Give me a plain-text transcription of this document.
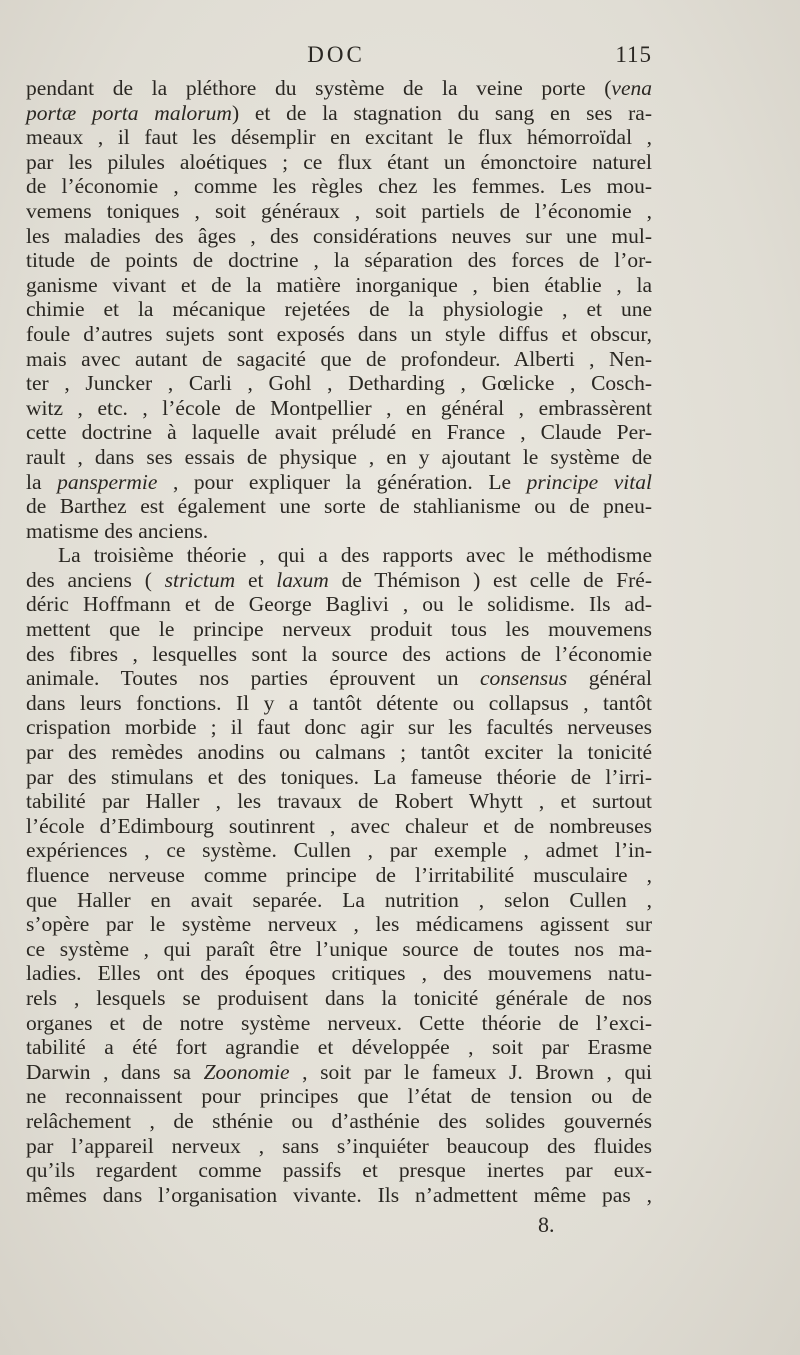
DOC	115
pendant de la pléthore du système de la veine porte (vena
portæ porta malorum) et de la stagnation du sang en ses ra-
meaux , il faut les désemplir en excitant le flux hémorroïdal ,
par les pilules aloétiques ; ce flux étant un émonctoire naturel
de l’économie , comme les règles chez les femmes. Les mou-
vemens toniques , soit généraux , soit partiels de l’économie ,
les maladies des âges , des considérations neuves sur une mul-
titude de points de doctrine , la séparation des forces de l’or-
ganisme vivant et de la matière inorganique , bien établie , la
chimie et la mécanique rejetées de la physiologie , et une
foule d’autres sujets sont exposés dans un style diffus et obscur,
mais avec autant de sagacité que de profondeur. Alberti , Nen-
ter , Juncker , Carli , Gohl , Detharding , Gœlicke , Cosch-
witz , etc. , l’école de Montpellier , en général , embrassèrent
cette doctrine à laquelle avait préludé en France , Claude Per-
rault , dans ses essais de physique , en y ajoutant le système de
la panspermie , pour expliquer la génération. Le principe vital
de Barthez est également une sorte de stahlianisme ou de pneu-
matisme des anciens.
La troisième théorie , qui a des rapports avec le méthodisme
des anciens ( strictum et laxum de Thémison ) est celle de Fré-
déric Hoffmann et de George Baglivi , ou le solidisme. Ils ad-
mettent que le principe nerveux produit tous les mouvemens
des fibres , lesquelles sont la source des actions de l’économie
animale. Toutes nos parties éprouvent un consensus général
dans leurs fonctions. Il y a tantôt détente ou collapsus , tantôt
crispation morbide ; il faut donc agir sur les facultés nerveuses
par des remèdes anodins ou calmans ; tantôt exciter la tonicité
par des stimulans et des toniques. La fameuse théorie de l’irri-
tabilité par Haller , les travaux de Robert Whytt , et surtout
l’école d’Edimbourg soutinrent , avec chaleur et de nombreuses
expériences , ce système. Cullen , par exemple , admet l’in-
fluence nerveuse comme principe de l’irritabilité musculaire ,
que Haller en avait separée. La nutrition , selon Cullen ,
s’opère par le système nerveux , les médicamens agissent sur
ce système , qui paraît être l’unique source de toutes nos ma-
ladies. Elles ont des époques critiques , des mouvemens natu-
rels , lesquels se produisent dans la tonicité générale de nos
organes et de notre système nerveux. Cette théorie de l’exci-
tabilité a été fort agrandie et développée , soit par Erasme
Darwin , dans sa Zoonomie , soit par le fameux J. Brown , qui
ne reconnaissent pour principes que l’état de tension ou de
relâchement , de sthénie ou d’asthénie des solides gouvernés
par l’appareil nerveux , sans s’inquiéter beaucoup des fluides
qu’ils regardent comme passifs et presque inertes par eux-
mêmes dans l’organisation vivante. Ils n’admettent même pas ,
8.
